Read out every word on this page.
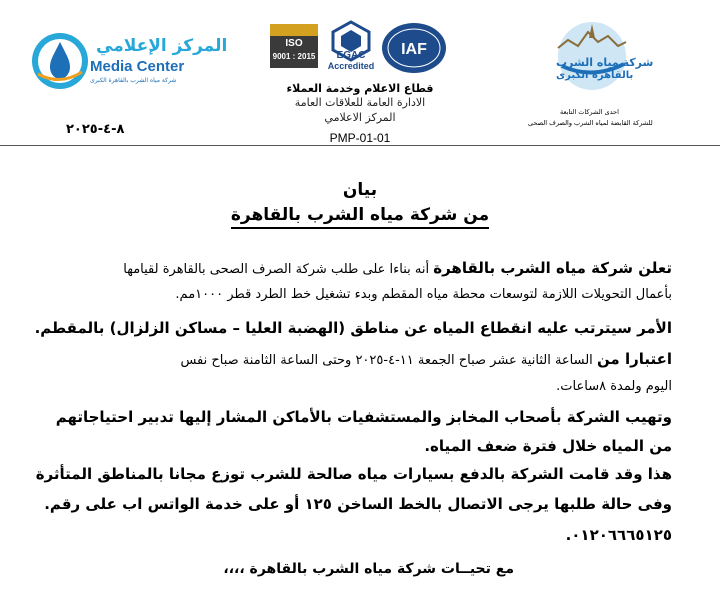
المركز الإعلامي
Media Center
شركة مياه الشرب بالقاهرة الكبرى
٨-٤-٢٠٢٥
ISO
9001 : 2015	EGAC
Accredited
IAF
قطاع الاعلام وخدمة العملاء
الادارة العامة للعلاقات العامة
المركز الاعلامي
PMP-01-01
شركة مياه الشرب
بالقاهرة الكبرى
احدى الشركات التابعة
للشركة القابضة لمياه الشرب والصرف الصحى
بيان
من شركة مياه الشرب بالقاهرة
تعلن شركة مياه الشرب بالقاهرة أنه بناءا على طلب شركة الصرف الصحى بالقاهرة لقيامها
بأعمال التحويلات اللازمة لتوسعات محطة مياه المقطم وبدء تشغيل خط الطرد قطر ١٠٠٠مم.
الأمر سيترتب عليه انقطاع المياه عن مناطق (الهضبة العليا – مساكن الزلزال) بالمقطم.
اعتبارا من الساعة الثانية عشر صباح الجمعة ١١-٤-٢٠٢٥ وحتى الساعة الثامنة صباح نفس
اليوم ولمدة ٨ساعات.
وتهيب الشركة بأصحاب المخابز والمستشفيات بالأماكن المشار إليها تدبير احتياجاتهم
من المياه خلال فترة ضعف المياه.
هذا وقد قامت الشركة بالدفع بسيارات مياه صالحة للشرب توزع مجانا بالمناطق المتأثرة
وفى حالة طلبها يرجى الاتصال بالخط الساخن ١٢٥ أو على خدمة الواتس اب على رقم.
٠١٢٠٦٦٦٥١٢٥.
مع تحيــات شركة مياه الشرب بالقاهرة ،،،،
